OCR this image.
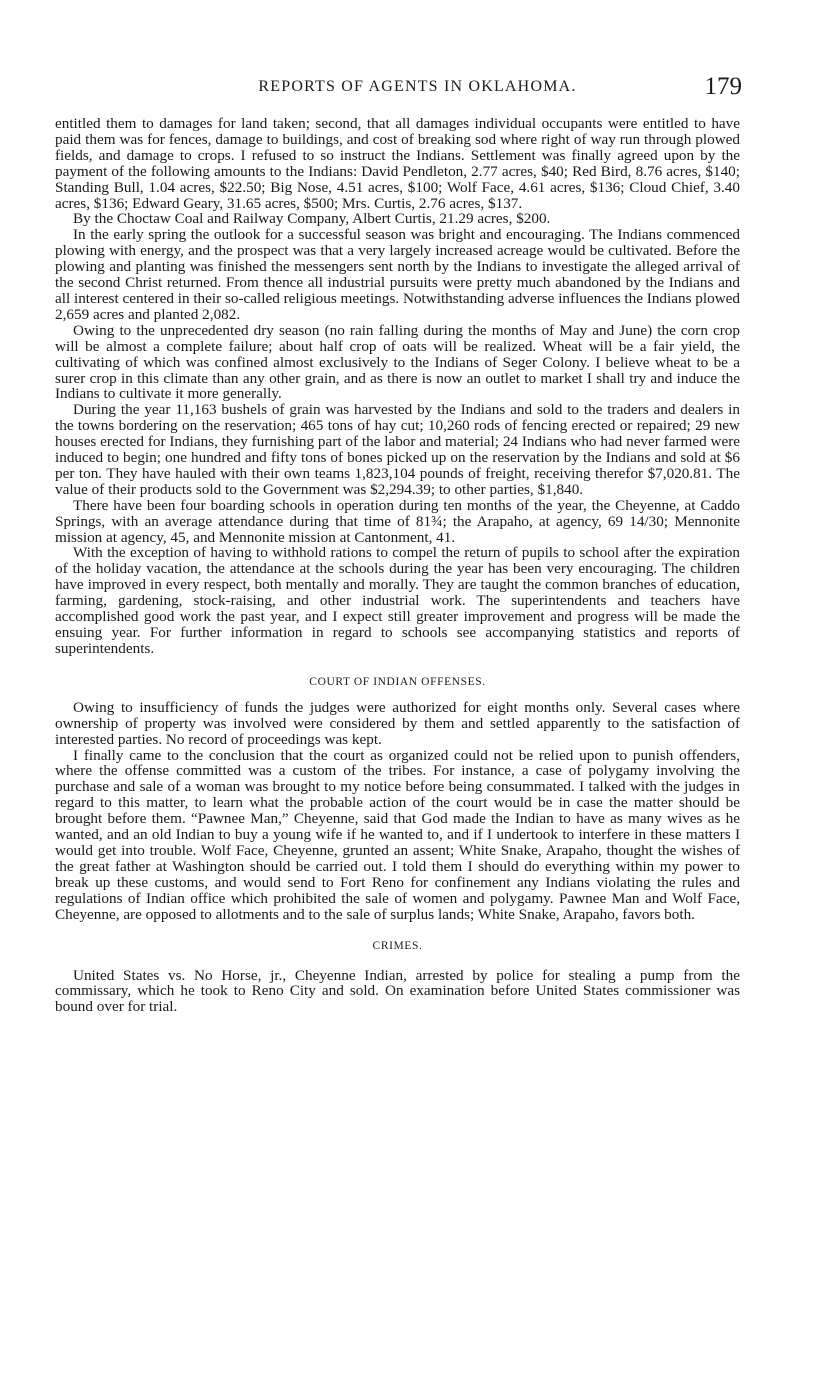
REPORTS OF AGENTS IN OKLAHOMA.	179

entitled them to damages for land taken; second, that all damages individual occupants were entitled to have paid them was for fences, damage to buildings, and cost of breaking sod where right of way run through plowed fields, and damage to crops. I refused to so instruct the Indians. Settlement was finally agreed upon by the payment of the following amounts to the Indians: David Pendleton, 2.77 acres, $40; Red Bird, 8.76 acres, $140; Standing Bull, 1.04 acres, $22.50; Big Nose, 4.51 acres, $100; Wolf Face, 4.61 acres, $136; Cloud Chief, 3.40 acres, $136; Edward Geary, 31.65 acres, $500; Mrs. Curtis, 2.76 acres, $137.

By the Choctaw Coal and Railway Company, Albert Curtis, 21.29 acres, $200.

In the early spring the outlook for a successful season was bright and encouraging. The Indians commenced plowing with energy, and the prospect was that a very largely increased acreage would be cultivated. Before the plowing and planting was finished the messengers sent north by the Indians to investigate the alleged arrival of the second Christ returned. From thence all industrial pursuits were pretty much abandoned by the Indians and all interest centered in their so-called religious meetings. Notwithstanding adverse influences the Indians plowed 2,659 acres and planted 2,082.

Owing to the unprecedented dry season (no rain falling during the months of May and June) the corn crop will be almost a complete failure; about half crop of oats will be realized. Wheat will be a fair yield, the cultivating of which was confined almost exclusively to the Indians of Seger Colony. I believe wheat to be a surer crop in this climate than any other grain, and as there is now an outlet to market I shall try and induce the Indians to cultivate it more generally.

During the year 11,163 bushels of grain was harvested by the Indians and sold to the traders and dealers in the towns bordering on the reservation; 465 tons of hay cut; 10,260 rods of fencing erected or repaired; 29 new houses erected for Indians, they furnishing part of the labor and material; 24 Indians who had never farmed were induced to begin; one hundred and fifty tons of bones picked up on the reservation by the Indians and sold at $6 per ton. They have hauled with their own teams 1,823,104 pounds of freight, receiving therefor $7,020.81. The value of their products sold to the Government was $2,294.39; to other parties, $1,840.

There have been four boarding schools in operation during ten months of the year, the Cheyenne, at Caddo Springs, with an average attendance during that time of 81¾; the Arapaho, at agency, 69 14/30; Mennonite mission at agency, 45, and Mennonite mission at Cantonment, 41.

With the exception of having to withhold rations to compel the return of pupils to school after the expiration of the holiday vacation, the attendance at the schools during the year has been very encouraging. The children have improved in every respect, both mentally and morally. They are taught the common branches of education, farming, gardening, stock-raising, and other industrial work. The superintendents and teachers have accomplished good work the past year, and I expect still greater improvement and progress will be made the ensuing year. For further information in regard to schools see accompanying statistics and reports of superintendents.

COURT OF INDIAN OFFENSES.

Owing to insufficiency of funds the judges were authorized for eight months only. Several cases where ownership of property was involved were considered by them and settled apparently to the satisfaction of interested parties. No record of proceedings was kept.

I finally came to the conclusion that the court as organized could not be relied upon to punish offenders, where the offense committed was a custom of the tribes. For instance, a case of polygamy involving the purchase and sale of a woman was brought to my notice before being consummated. I talked with the judges in regard to this matter, to learn what the probable action of the court would be in case the matter should be brought before them. “Pawnee Man,” Cheyenne, said that God made the Indian to have as many wives as he wanted, and an old Indian to buy a young wife if he wanted to, and if I undertook to interfere in these matters I would get into trouble. Wolf Face, Cheyenne, grunted an assent; White Snake, Arapaho, thought the wishes of the great father at Washington should be carried out. I told them I should do everything within my power to break up these customs, and would send to Fort Reno for confinement any Indians violating the rules and regulations of Indian office which prohibited the sale of women and polygamy. Pawnee Man and Wolf Face, Cheyenne, are opposed to allotments and to the sale of surplus lands; White Snake, Arapaho, favors both.

CRIMES.

United States vs. No Horse, jr., Cheyenne Indian, arrested by police for stealing a pump from the commissary, which he took to Reno City and sold. On examination before United States commissioner was bound over for trial.
